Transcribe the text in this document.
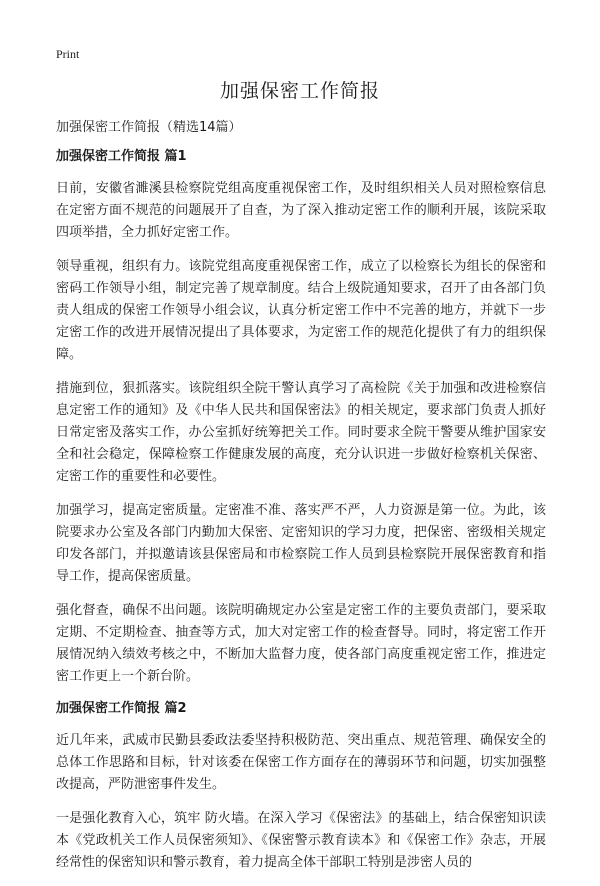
Print
加强保密工作简报

加强保密工作简报（精选14篇）

加强保密工作简报 篇1

日前，安徽省濉溪县检察院党组高度重视保密工作，及时组织相关人员对照检察信息在定密方面不规范的问题展开了自查，为了深入推动定密工作的顺利开展，该院采取四项举措，全力抓好定密工作。

领导重视，组织有力。该院党组高度重视保密工作，成立了以检察长为组长的保密和密码工作领导小组，制定完善了规章制度。结合上级院通知要求，召开了由各部门负责人组成的保密工作领导小组会议，认真分析定密工作中不完善的地方，并就下一步定密工作的改进开展情况提出了具体要求，为定密工作的规范化提供了有力的组织保障。

措施到位，狠抓落实。该院组织全院干警认真学习了高检院《关于加强和改进检察信息定密工作的通知》及《中华人民共和国保密法》的相关规定，要求部门负责人抓好日常定密及落实工作，办公室抓好统筹把关工作。同时要求全院干警要从维护国家安全和社会稳定，保障检察工作健康发展的高度，充分认识进一步做好检察机关保密、定密工作的重要性和必要性。

加强学习，提高定密质量。定密准不准、落实严不严，人力资源是第一位。为此，该院要求办公室及各部门内勤加大保密、定密知识的学习力度，把保密、密级相关规定印发各部门，并拟邀请该县保密局和市检察院工作人员到县检察院开展保密教育和指导工作，提高保密质量。

强化督查，确保不出问题。该院明确规定办公室是定密工作的主要负责部门，要采取定期、不定期检查、抽查等方式，加大对定密工作的检查督导。同时，将定密工作开展情况纳入绩效考核之中，不断加大监督力度，使各部门高度重视定密工作，推进定密工作更上一个新台阶。

加强保密工作简报 篇2

近几年来，武威市民勤县委政法委坚持积极防范、突出重点、规范管理、确保安全的总体工作思路和目标，针对该委在保密工作方面存在的薄弱环节和问题，切实加强整改提高，严防泄密事件发生。

一是强化教育入心，筑牢 防火墙。在深入学习《保密法》的基础上，结合保密知识读本《党政机关工作人员保密须知》、《保密警示教育读本》和《保密工作》杂志，开展经常性的保密知识和警示教育，着力提高全体干部职工特别是涉密人员的
